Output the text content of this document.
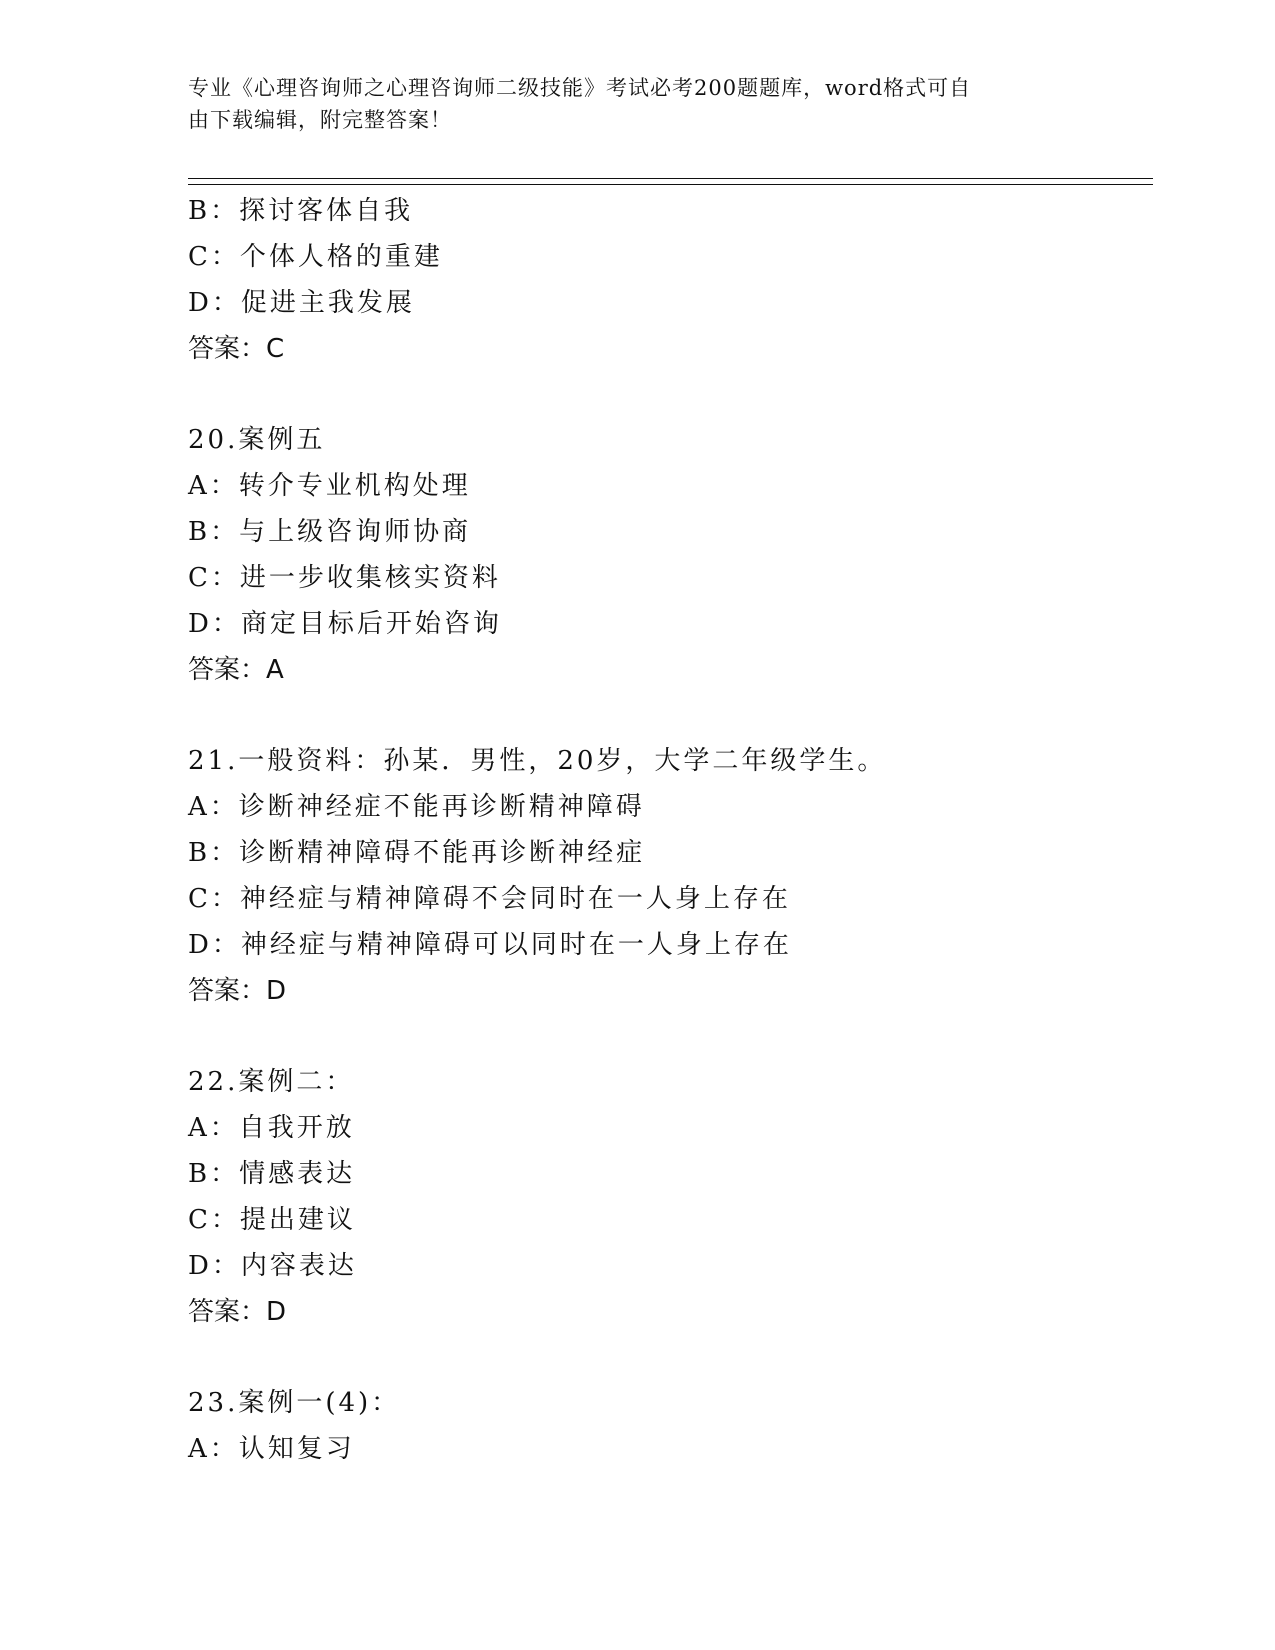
专业《心理咨询师之心理咨询师二级技能》考试必考200题题库，word格式可自
由下载编辑，附完整答案！
B：探讨客体自我
C：个体人格的重建
D：促进主我发展
答案：C
20.案例五
A：转介专业机构处理
B：与上级咨询师协商
C：进一步收集核实资料
D：商定目标后开始咨询
答案：A
21.一般资料：孙某．男性，20岁，大学二年级学生。
A：诊断神经症不能再诊断精神障碍
B：诊断精神障碍不能再诊断神经症
C：神经症与精神障碍不会同时在一人身上存在
D：神经症与精神障碍可以同时在一人身上存在
答案：D
22.案例二：
A：自我开放
B：情感表达
C：提出建议
D：内容表达
答案：D
23.案例一(4)：
A：认知复习
